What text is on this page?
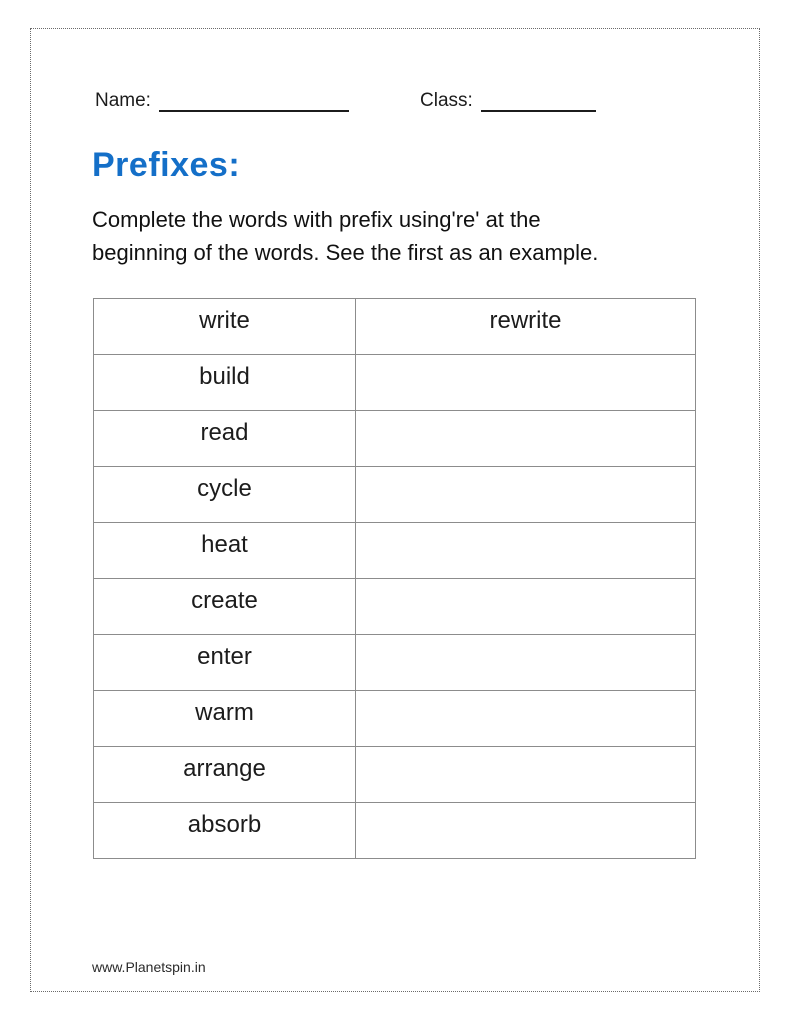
Name:	Class:
Prefixes:
Complete the words with prefix using're' at the
beginning of the words. See the first as an example.
write	rewrite
build	
read	
cycle	
heat	
create	
enter	
warm	
arrange	
absorb	
www.Planetspin.in
